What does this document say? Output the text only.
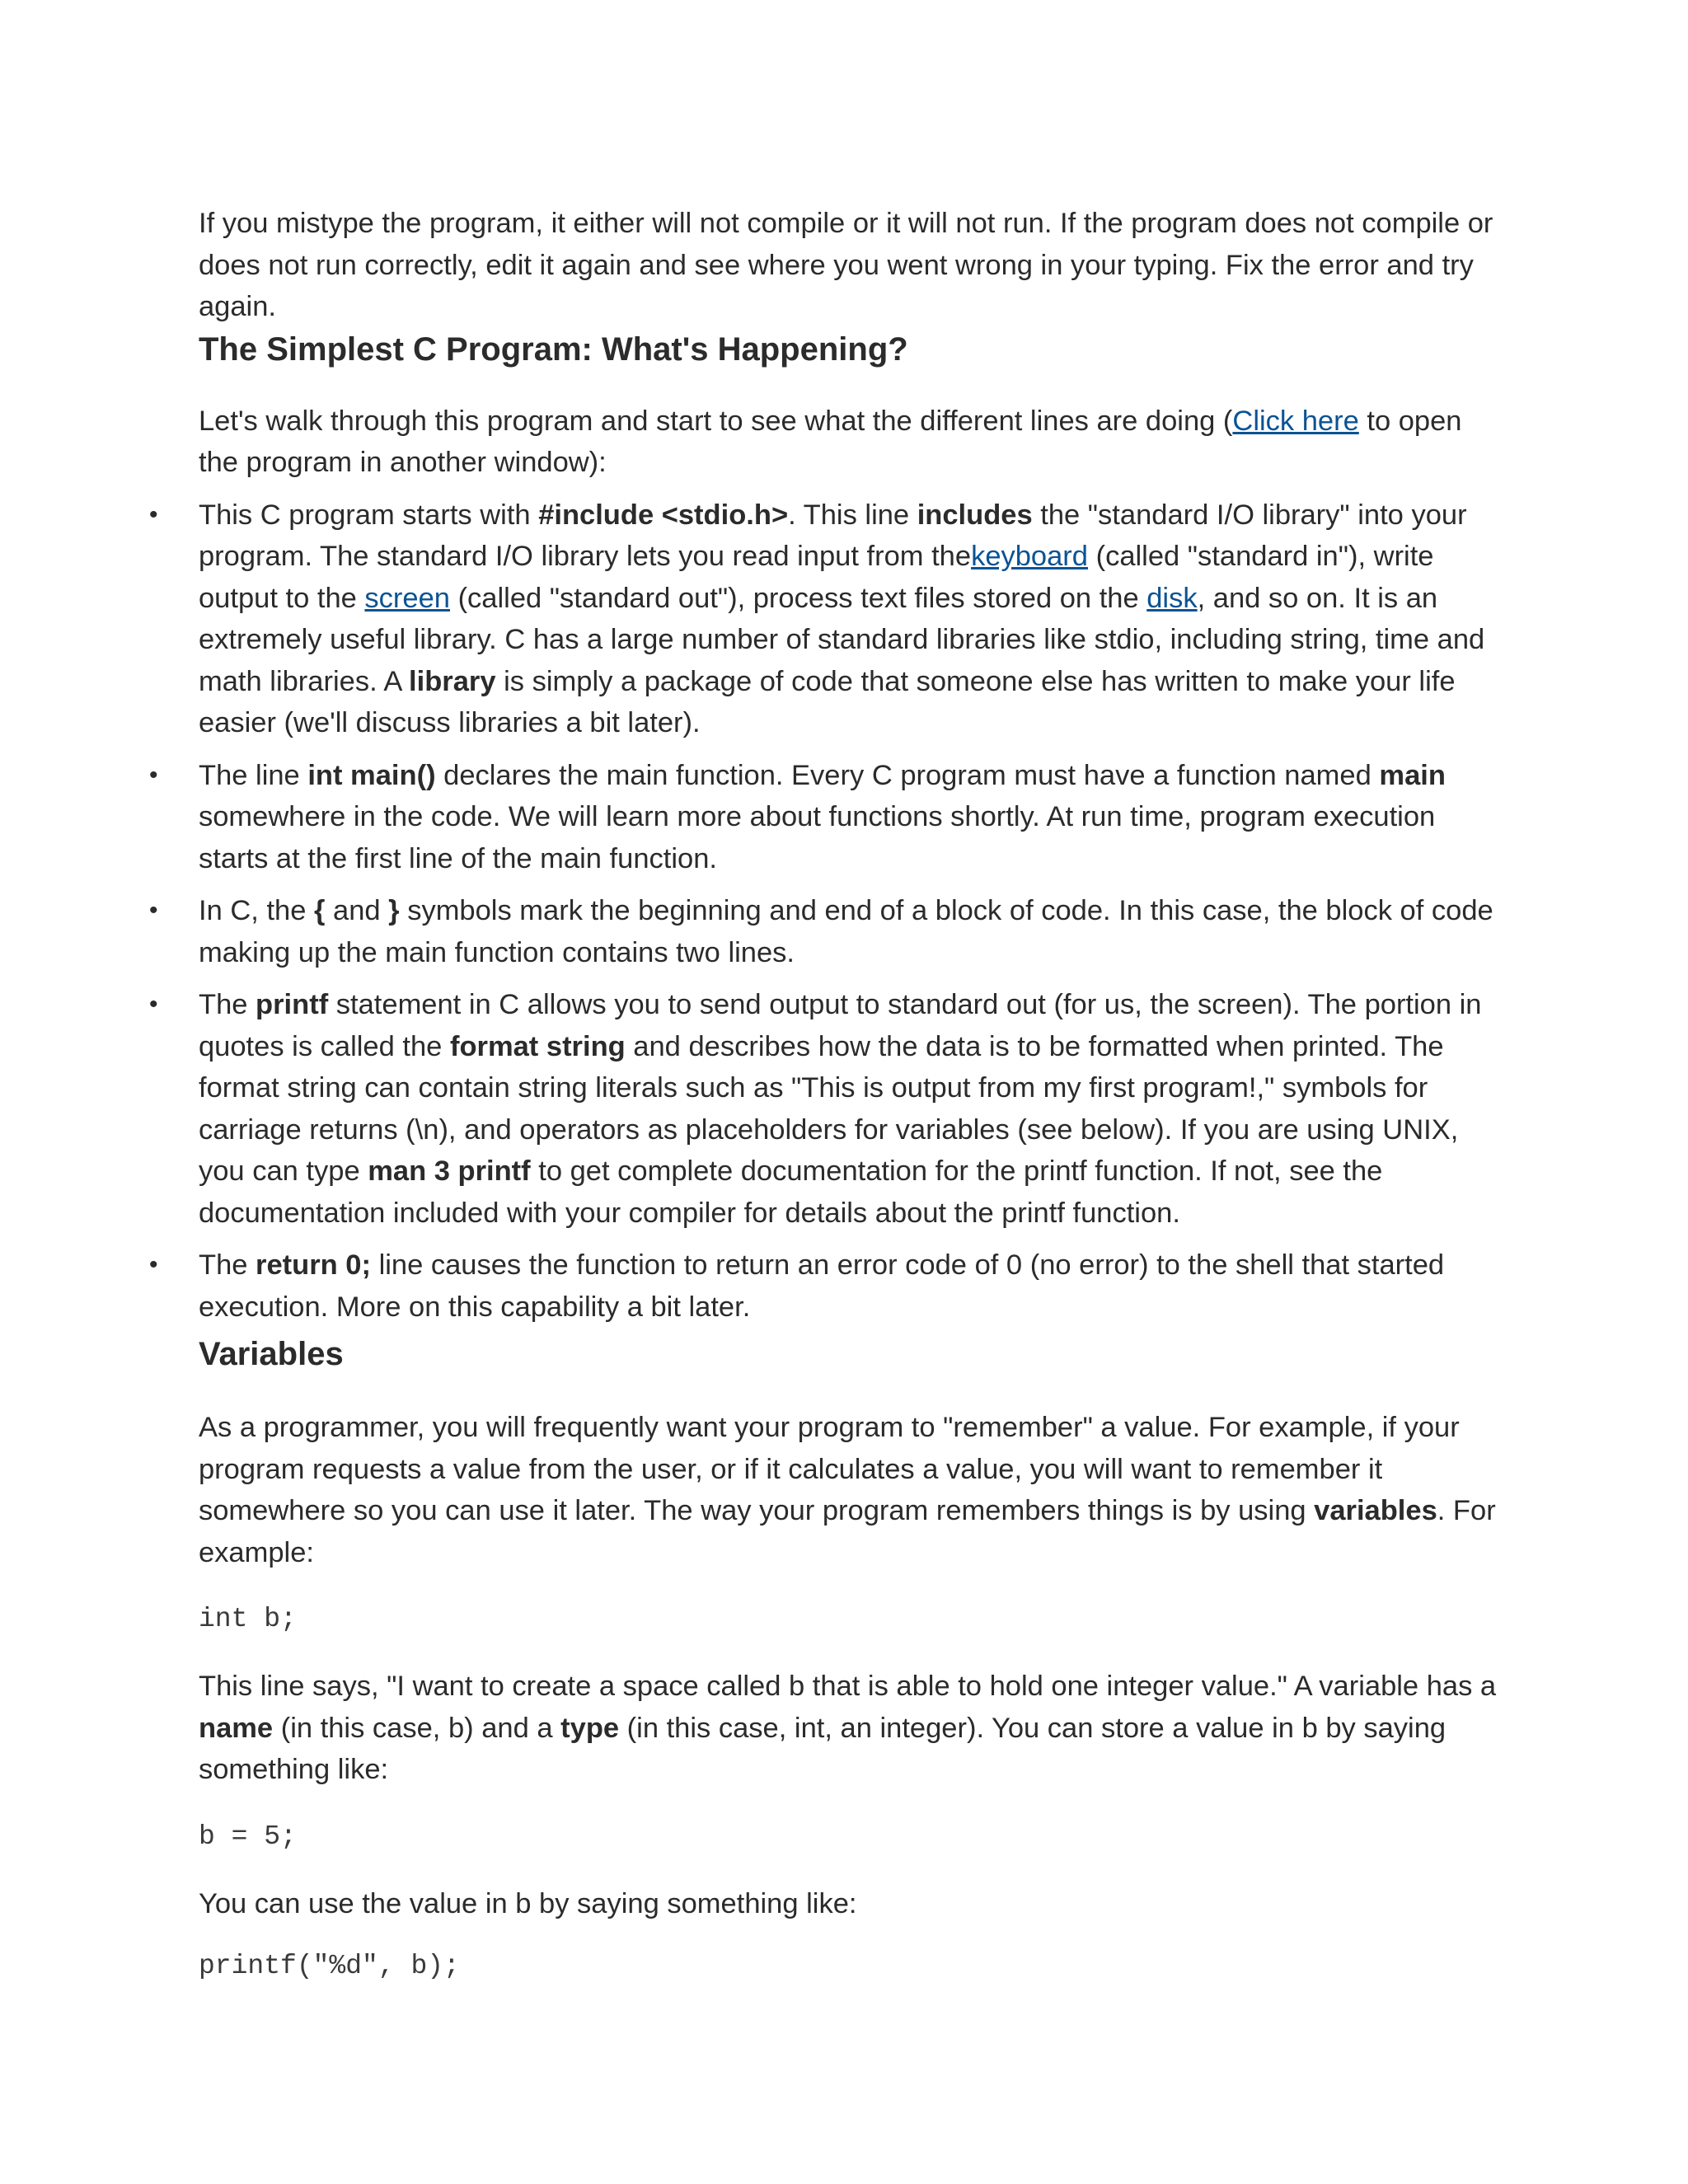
If you mistype the program, it either will not compile or it will not run. If the program does not compile or does not run correctly, edit it again and see where you went wrong in your typing. Fix the error and try again.

The Simplest C Program: What's Happening?

Let's walk through this program and start to see what the different lines are doing (Click here to open the program in another window):

• This C program starts with #include <stdio.h>. This line includes the "standard I/O library" into your program. The standard I/O library lets you read input from thekeyboard (called "standard in"), write output to the screen (called "standard out"), process text files stored on the disk, and so on. It is an extremely useful library. C has a large number of standard libraries like stdio, including string, time and math libraries. A library is simply a package of code that someone else has written to make your life easier (we'll discuss libraries a bit later).
• The line int main() declares the main function. Every C program must have a function named main somewhere in the code. We will learn more about functions shortly. At run time, program execution starts at the first line of the main function.
• In C, the { and } symbols mark the beginning and end of a block of code. In this case, the block of code making up the main function contains two lines.
• The printf statement in C allows you to send output to standard out (for us, the screen). The portion in quotes is called the format string and describes how the data is to be formatted when printed. The format string can contain string literals such as "This is output from my first program!," symbols for carriage returns (\n), and operators as placeholders for variables (see below). If you are using UNIX, you can type man 3 printf to get complete documentation for the printf function. If not, see the documentation included with your compiler for details about the printf function.
• The return 0; line causes the function to return an error code of 0 (no error) to the shell that started execution. More on this capability a bit later.
Variables

As a programmer, you will frequently want your program to "remember" a value. For example, if your program requests a value from the user, or if it calculates a value, you will want to remember it somewhere so you can use it later. The way your program remembers things is by using variables. For example:

int b;

This line says, "I want to create a space called b that is able to hold one integer value." A variable has a name (in this case, b) and a type (in this case, int, an integer). You can store a value in b by saying something like:

b = 5;

You can use the value in b by saying something like:

printf("%d", b);
